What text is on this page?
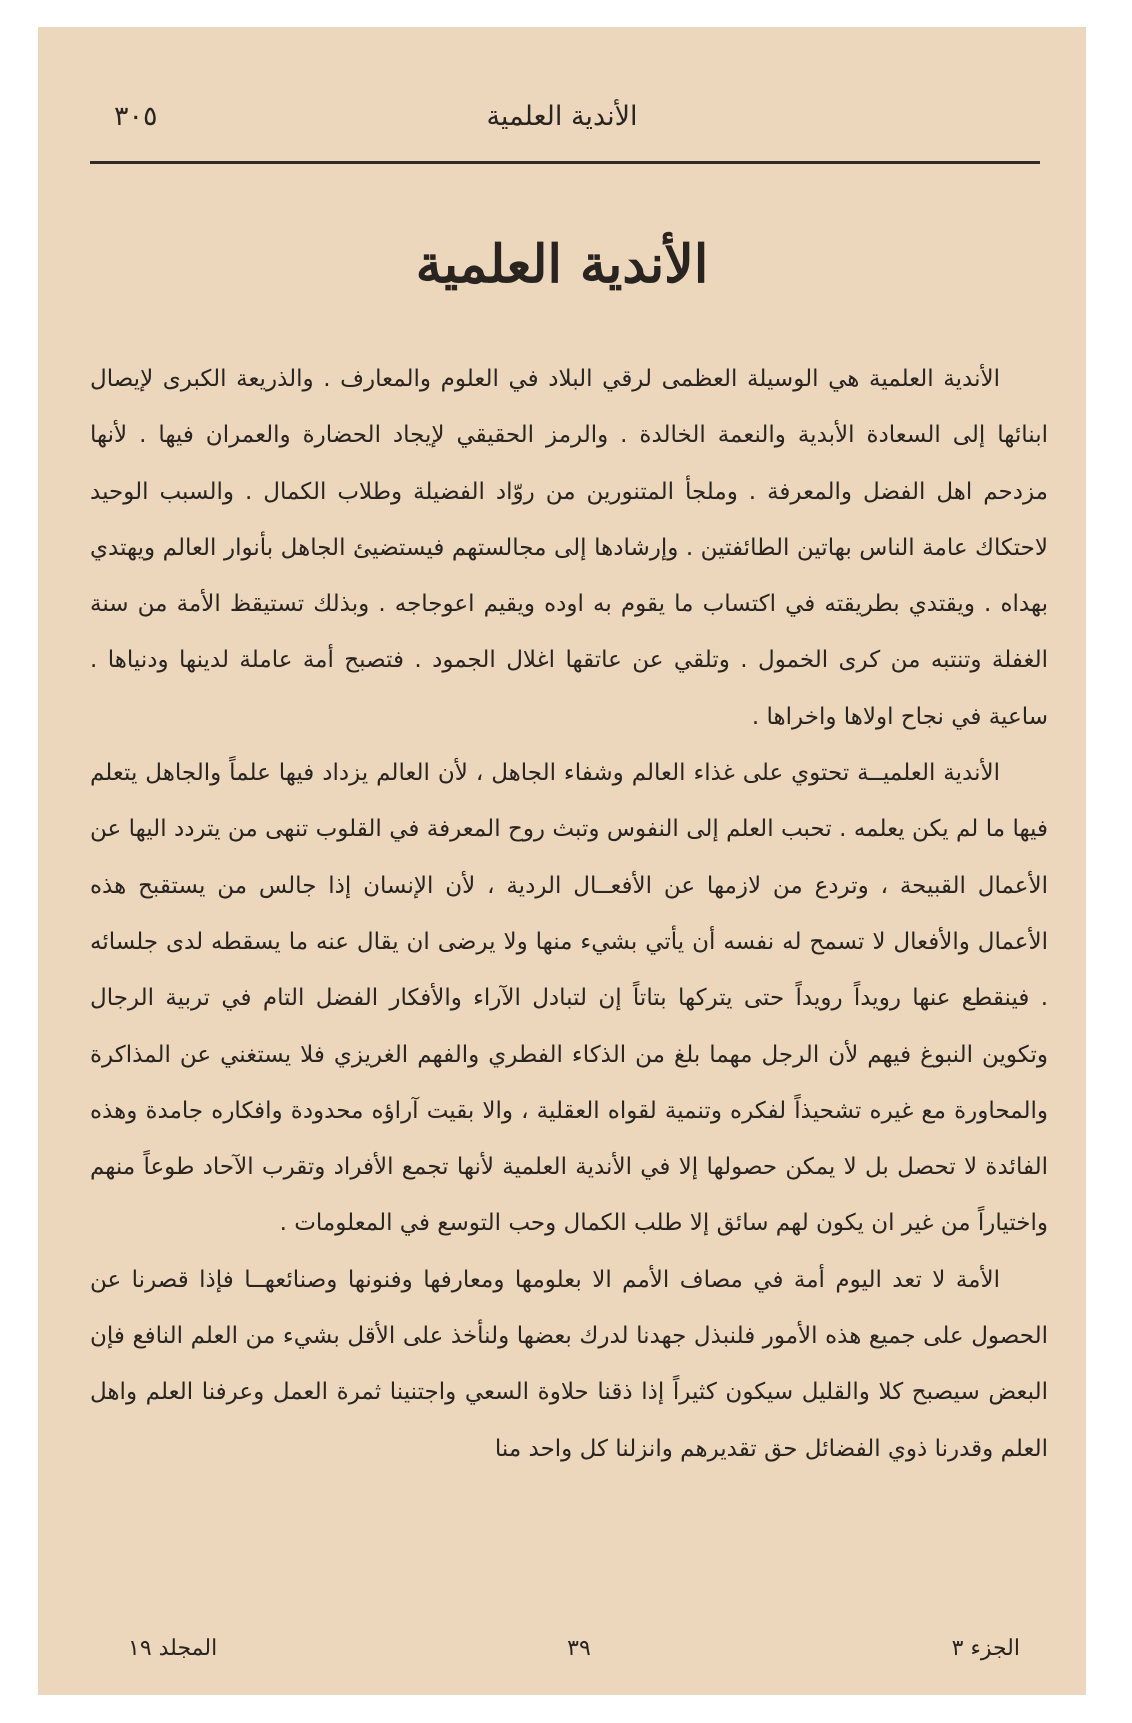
الأندية العلمية
٣٠٥
الأندية العلمية

الأندية العلمية هي الوسيلة العظمى لرقي البلاد في العلوم والمعارف . والذريعة الكبرى لإيصال ابنائها إلى السعادة الأبدية والنعمة الخالدة . والرمز الحقيقي لإيجاد الحضارة والعمران فيها . لأنها مزدحم اهل الفضل والمعرفة . وملجأ المتنورين من روّاد الفضيلة وطلاب الكمال . والسبب الوحيد لاحتكاك عامة الناس بهاتين الطائفتين . وإرشادها إلى مجالستهم فيستضيئ الجاهل بأنوار العالم ويهتدي بهداه . ويقتدي بطريقته في اكتساب ما يقوم به اوده ويقيم اعوجاجه . وبذلك تستيقظ الأمة من سنة الغفلة وتنتبه من كرى الخمول . وتلقي عن عاتقها اغلال الجمود . فتصبح أمة عاملة لدينها ودنياها . ساعية في نجاح اولاها واخراها .

الأندية العلميــة تحتوي على غذاء العالم وشفاء الجاهل ، لأن العالم يزداد فيها علماً والجاهل يتعلم فيها ما لم يكن يعلمه . تحبب العلم إلى النفوس وتبث روح المعرفة في القلوب تنهى من يتردد اليها عن الأعمال القبيحة ، وتردع من لازمها عن الأفعــال الردية ، لأن الإنسان إذا جالس من يستقبح هذه الأعمال والأفعال لا تسمح له نفسه أن يأتي بشيء منها ولا يرضى ان يقال عنه ما يسقطه لدى جلسائه . فينقطع عنها رويداً رويداً حتى يتركها بتاتاً إن لتبادل الآراء والأفكار الفضل التام في تربية الرجال وتكوين النبوغ فيهم لأن الرجل مهما بلغ من الذكاء الفطري والفهم الغريزي فلا يستغني عن المذاكرة والمحاورة مع غيره تشحيذاً لفكره وتنمية لقواه العقلية ، والا بقيت آراؤه محدودة وافكاره جامدة وهذه الفائدة لا تحصل بل لا يمكن حصولها إلا في الأندية العلمية لأنها تجمع الأفراد وتقرب الآحاد طوعاً منهم واختياراً من غير ان يكون لهم سائق إلا طلب الكمال وحب التوسع في المعلومات .

الأمة لا تعد اليوم أمة في مصاف الأمم الا بعلومها ومعارفها وفنونها وصنائعهــا فإذا قصرنا عن الحصول على جميع هذه الأمور فلنبذل جهدنا لدرك بعضها ولنأخذ على الأقل بشيء من العلم النافع فإن البعض سيصبح كلا والقليل سيكون كثيراً إذا ذقنا حلاوة السعي واجتنينا ثمرة العمل وعرفنا العلم واهل العلم وقدرنا ذوي الفضائل حق تقديرهم وانزلنا كل واحد منا

الجزء ٣
٣٩
المجلد ١٩
